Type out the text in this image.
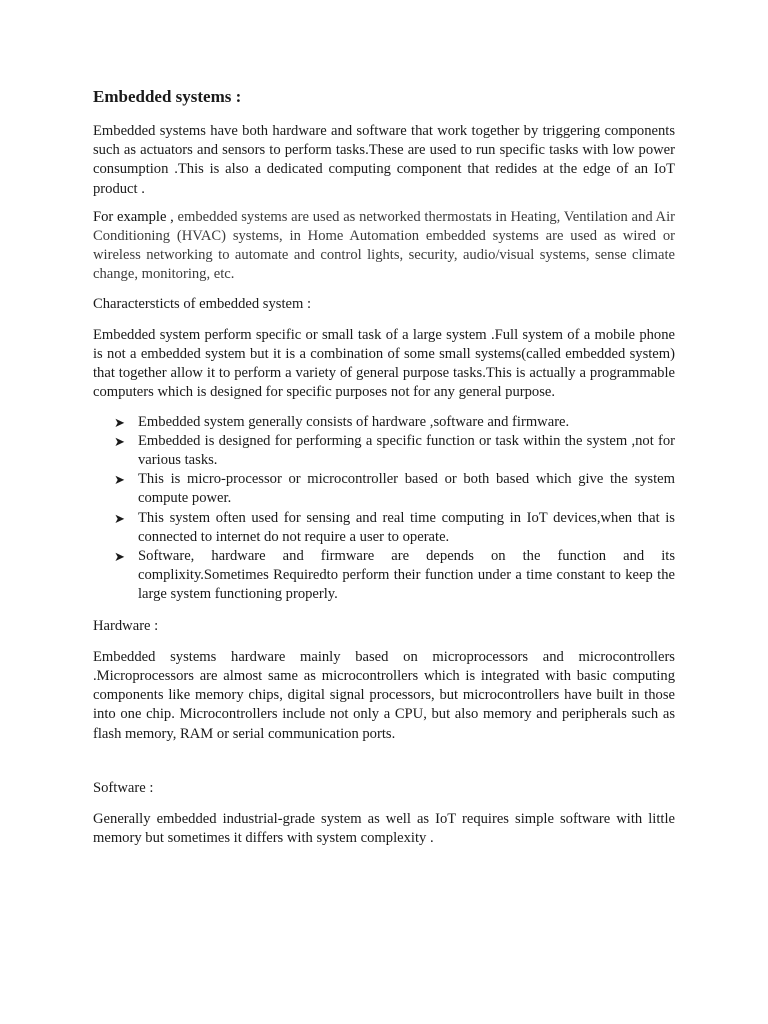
Embedded systems :

Embedded systems have both hardware and software that work together by triggering components such as actuators and sensors to perform tasks.These are used to run specific tasks with low power consumption .This is also a dedicated computing component that redides at the edge of an IoT product .

For example , embedded systems are used as networked thermostats in Heating, Ventilation and Air Conditioning (HVAC) systems, in Home Automation embedded systems are used as wired or wireless networking to automate and control lights, security, audio/visual systems, sense climate change, monitoring, etc.

Charactersticts of embedded system :

Embedded system perform specific or small task of a large system .Full system of a mobile phone is not a embedded system but it is a combination of some small systems(called embedded system) that together allow it to perform a variety of general purpose tasks.This is actually a programmable computers which is designed for specific purposes not for any general purpose.

➤ Embedded system generally consists of hardware ,software and firmware.
➤ Embedded is designed for performing a specific function or task within the system ,not for various tasks.
➤ This is micro-processor or microcontroller based or both based which give the system compute power.
➤ This system often used for sensing and real time computing in IoT devices,when that is connected to internet do not require a user to operate.
➤ Software, hardware and firmware are depends on the function and its complixity.Sometimes Requiredto perform their function under a time constant to keep the large system functioning properly.
Hardware :

Embedded systems hardware mainly based on microprocessors and microcontrollers .Microprocessors are almost same as microcontrollers which is integrated with basic computing components like memory chips, digital signal processors, but microcontrollers have built in those into one chip. Microcontrollers include not only a CPU, but also memory and peripherals such as flash memory, RAM or serial communication ports.

Software :

Generally embedded industrial-grade system as well as IoT requires simple software with little memory but sometimes it differs with system complexity .
